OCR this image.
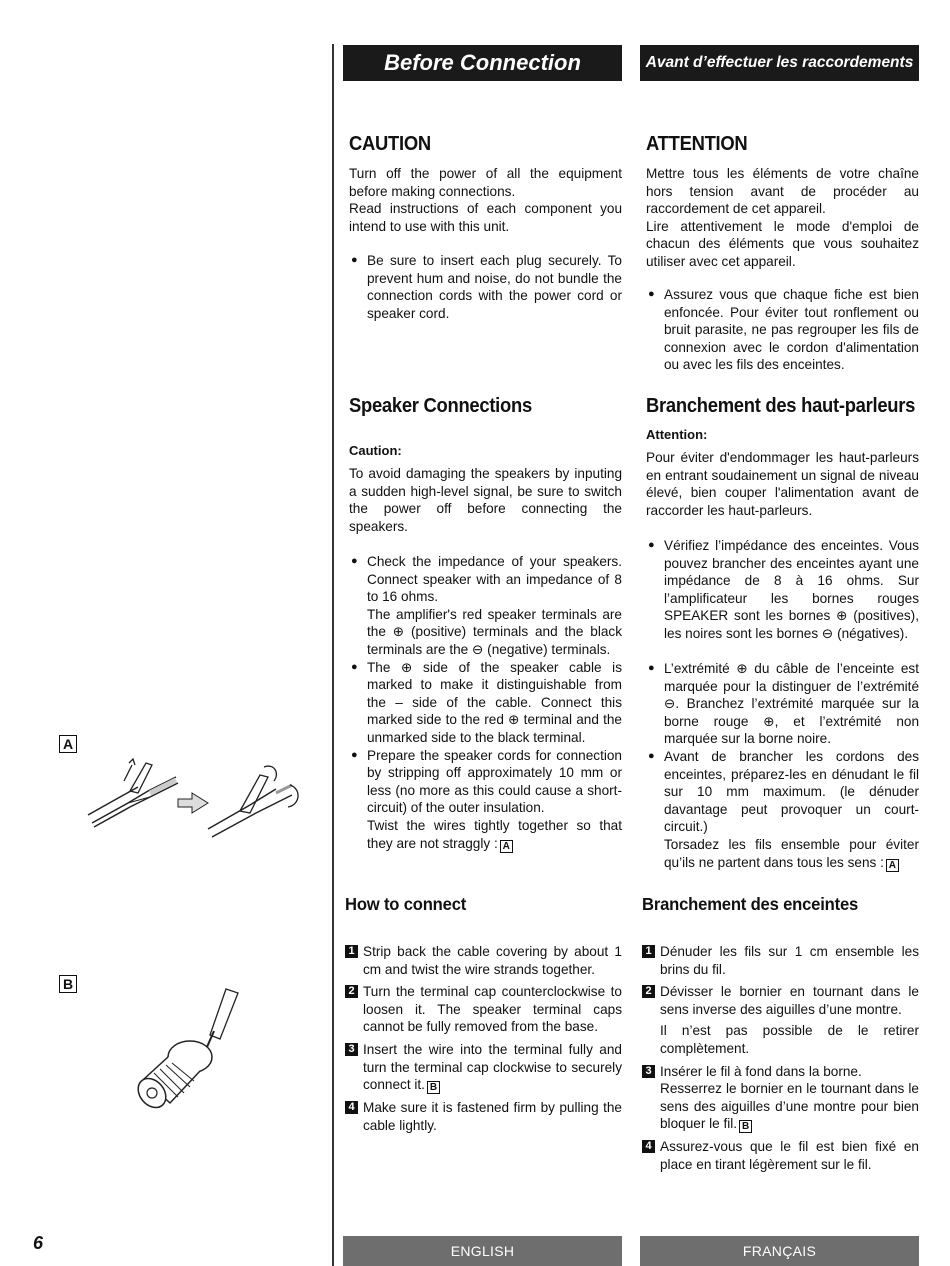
Before Connection	Avant d’effectuer les raccordements
A
B
CAUTION

Turn off the power of all the equipment before making connections.

Read instructions of each component you intend to use with this unit.

● Be sure to insert each plug securely. To prevent hum and noise, do not bundle the connection cords with the power cord or speaker cord.
Speaker Connections
Caution:

To avoid damaging the speakers by inputing a sudden high-level signal, be sure to switch the power off before connecting the speakers.

● Check the impedance of your speakers. Connect speaker with an impedance of 8 to 16 ohms.
The amplifier's red speaker terminals are the ⊕ (positive) terminals and the black terminals are the ⊖ (negative) terminals.
● The ⊕ side of the speaker cable is marked to make it distinguishable from the – side of the cable. Connect this marked side to the red ⊕ terminal and the unmarked side to the black terminal.
● Prepare the speaker cords for connection by stripping off approximately 10 mm or less (no more as this could cause a short-circuit) of the outer insulation.
Twist the wires tightly together so that they are not straggly : A
How to connect
1 Strip back the cable covering by about 1 cm and twist the wire strands together.
2 Turn the terminal cap counterclockwise to loosen it. The speaker terminal caps cannot be fully removed from the base.
3 Insert the wire into the terminal fully and turn the terminal cap clockwise to securely connect it. B
4 Make sure it is fastened firm by pulling the cable lightly.
ATTENTION

Mettre tous les éléments de votre chaîne hors tension avant de procéder au raccordement de cet appareil.

Lire attentivement le mode d'emploi de chacun des éléments que vous souhaitez utiliser avec cet appareil.

● Assurez vous que chaque fiche est bien enfoncée. Pour éviter tout ronflement ou bruit parasite, ne pas regrouper les fils de connexion avec le cordon d'alimentation ou avec les fils des enceintes.
Branchement des haut-parleurs
Attention:

Pour éviter d'endommager les haut-parleurs en entrant soudainement un signal de niveau élevé, bien couper l'alimentation avant de raccorder les haut-parleurs.

● Vérifiez l’impédance des enceintes. Vous pouvez brancher des enceintes ayant une impédance de 8 à 16 ohms. Sur l’amplificateur les bornes rouges SPEAKER sont les bornes ⊕ (positives), les noires sont les bornes ⊖ (négatives).
● L’extrémité ⊕ du câble de l’enceinte est marquée pour la distinguer de l’extrémité ⊖. Branchez l’extrémité marquée sur la borne rouge ⊕, et l’extrémité non marquée sur la borne noire.
● Avant de brancher les cordons des enceintes, préparez-les en dénudant le fil sur 10 mm maximum. (le dénuder davantage peut provoquer un court-circuit.)
Torsadez les fils ensemble pour éviter qu’ils ne partent dans tous les sens : A
Branchement des enceintes
1 Dénuder les fils sur 1 cm ensemble les brins du fil.
2 Dévisser le bornier en tournant dans le sens inverse des aiguilles d’une montre.
Il n’est pas possible de le retirer complètement.
3 Insérer le fil à fond dans la borne.
Resserrez le bornier en le tournant dans le sens des aiguilles d’une montre pour bien bloquer le fil. B
4 Assurez-vous que le fil est bien fixé en place en tirant légèrement sur le fil.
6	ENGLISH	FRANÇAIS
